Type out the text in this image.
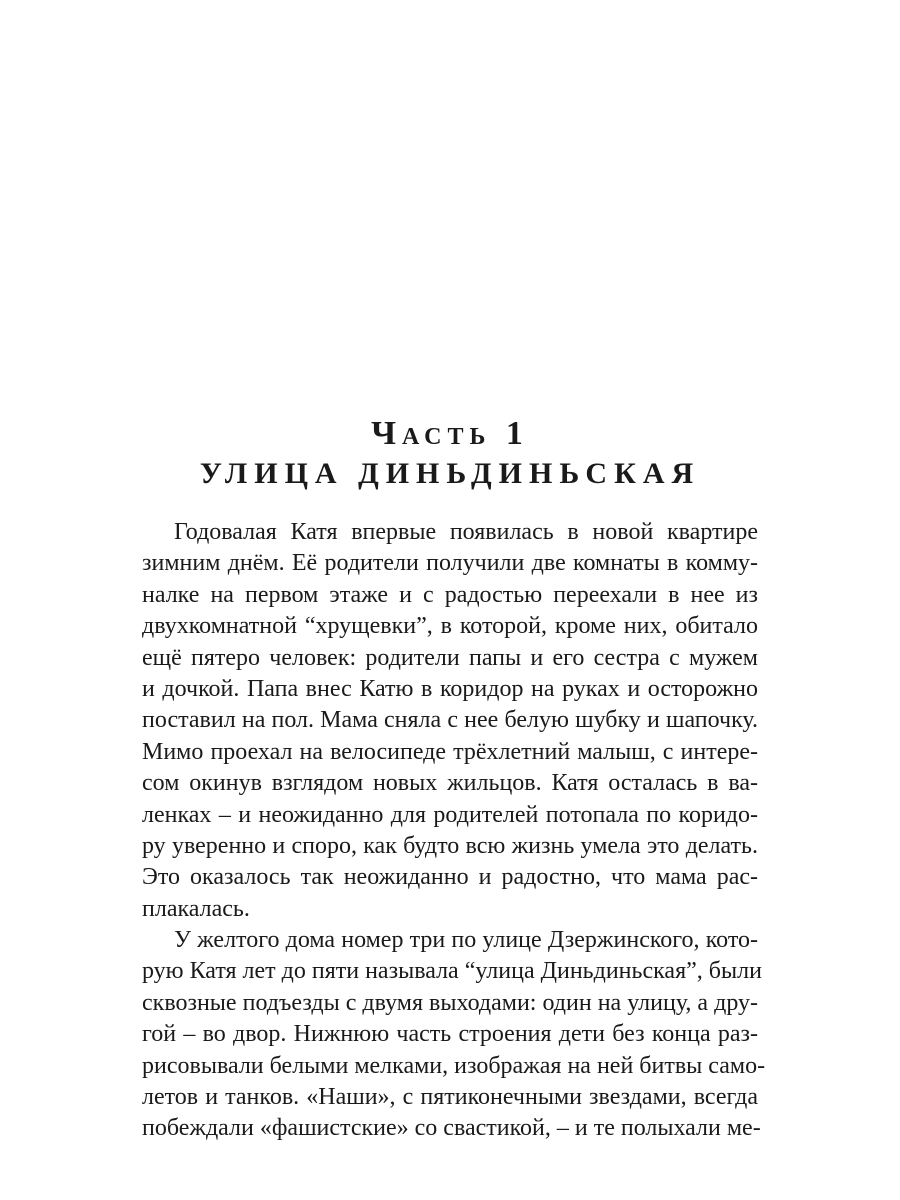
Часть 1
УЛИЦА ДИНЬДИНЬСКАЯ
Годовалая Катя впервые появилась в новой квартире
зимним днём. Её родители получили две комнаты в комму-
налке на первом этаже и с радостью переехали в нее из
двухкомнатной “хрущевки”, в которой, кроме них, обитало
ещё пятеро человек: родители папы и его сестра с мужем
и дочкой. Папа внес Катю в коридор на руках и осторожно
поставил на пол. Мама сняла с нее белую шубку и шапочку.
Мимо проехал на велосипеде трёхлетний малыш, с интере-
сом окинув взглядом новых жильцов. Катя осталась в ва-
ленках – и неожиданно для родителей потопала по коридо-
ру уверенно и споро, как будто всю жизнь умела это делать.
Это оказалось так неожиданно и радостно, что мама рас-
плакалась.
У желтого дома номер три по улице Дзержинского, кото-
рую Катя лет до пяти называла “улица Диньдиньская”, были
сквозные подъезды с двумя выходами: один на улицу, а дру-
гой – во двор. Нижнюю часть строения дети без конца раз-
рисовывали белыми мелками, изображая на ней битвы само-
летов и танков. «Наши», с пятиконечными звездами, всегда
побеждали «фашистские» со свастикой, – и те полыхали ме-
